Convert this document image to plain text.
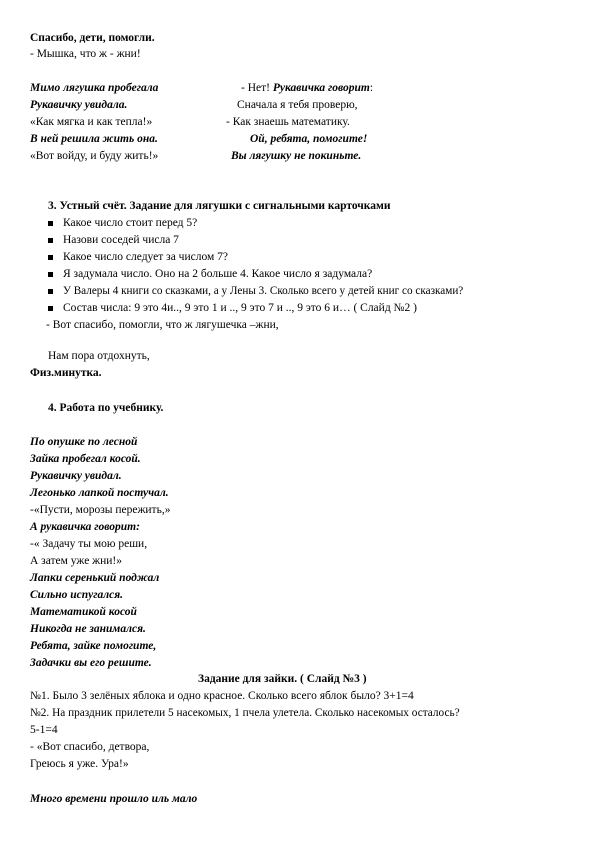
Спасибо, дети, помогли.
- Мышка, что ж - жни!
Мимо лягушка пробегала
Рукавичку увидала.
«Как мягка и как тепла!»
В ней решила жить она.
«Вот войду, и буду жить!»
- Нет! Рукавичка говорит:
Сначала я тебя проверю,
- Как знаешь математику.
Ой, ребята, помогите!
Вы лягушку не покиньте.
3. Устный счёт. Задание для лягушки с сигнальными карточками
Какое число стоит перед 5?
Назови соседей числа 7
Какое число следует за числом 7?
Я задумала число. Оно на 2 больше 4. Какое число я задумала?
У Валеры 4 книги со сказками, а у Лены 3. Сколько всего у детей книг со сказками?
Состав числа: 9 это 4и.., 9 это 1 и .., 9 это 7 и .., 9 это 6 и… ( Слайд №2 )
- Вот спасибо, помогли, что ж лягушечка –жни,
Нам пора отдохнуть,
Физ.минутка.
4. Работа по учебнику.
По опушке по лесной
Зайка пробегал косой.
Рукавичку увидал.
Легонько лапкой постучал.
-«Пусти, морозы пережить,»
А рукавичка говорит:
-« Задачу ты мою реши,
А затем уже жни!»
Лапки серенький поджал
Сильно испугался.
Математикой косой
Никогда не занимался.
Ребята, зайке помогите,
Задачки вы его решите.
Задание для зайки. ( Слайд №3 )
№1. Было 3 зелёных яблока и одно красное. Сколько всего яблок было? 3+1=4
№2. На праздник прилетели 5 насекомых, 1 пчела улетела. Сколько насекомых осталось?
5-1=4
- «Вот спасибо, детвора,
Греюсь я уже. Ура!»
Много времени прошло иль мало
